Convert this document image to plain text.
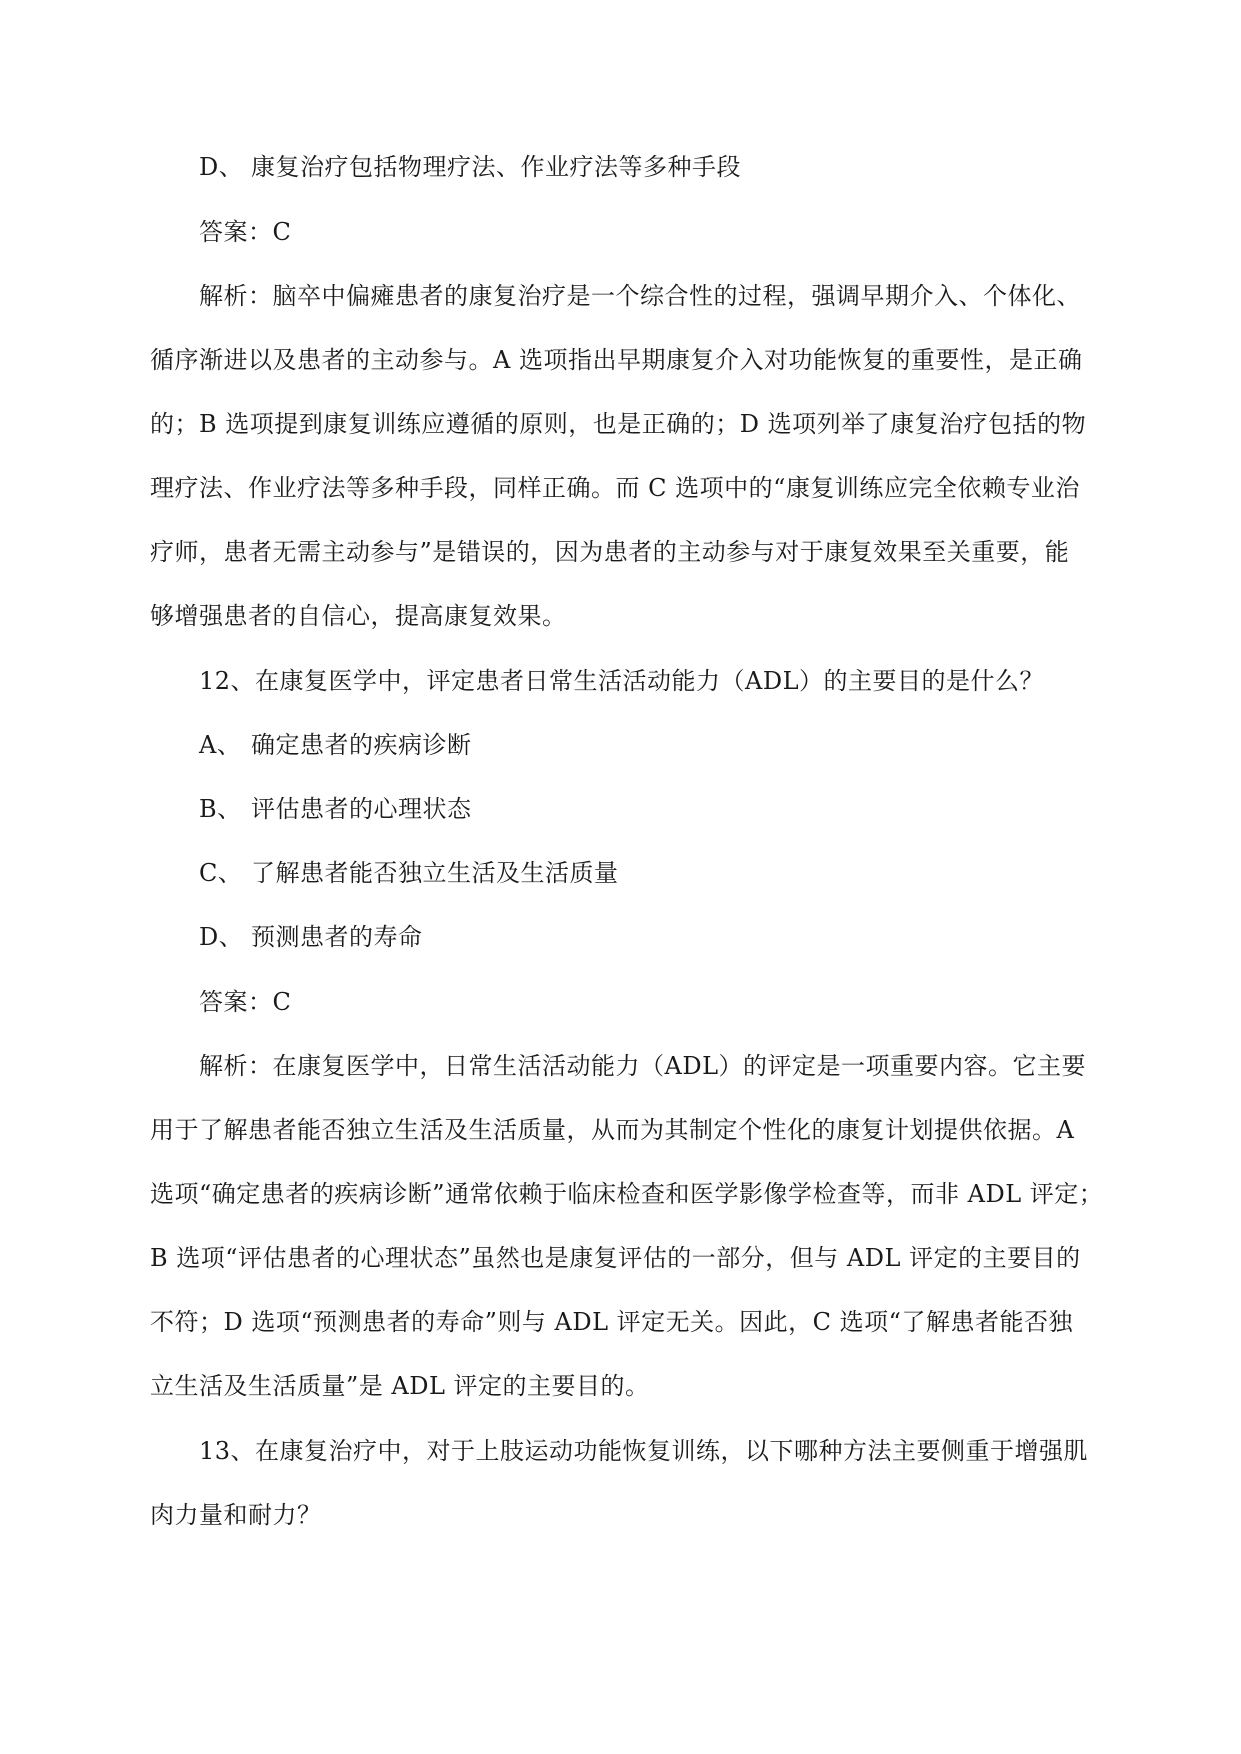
D、 康复治疗包括物理疗法、作业疗法等多种手段
答案：C
解析：脑卒中偏瘫患者的康复治疗是一个综合性的过程，强调早期介入、个体化、
循序渐进以及患者的主动参与。A 选项指出早期康复介入对功能恢复的重要性，是正确
的；B 选项提到康复训练应遵循的原则，也是正确的；D 选项列举了康复治疗包括的物
理疗法、作业疗法等多种手段，同样正确。而 C 选项中的“康复训练应完全依赖专业治
疗师，患者无需主动参与”是错误的，因为患者的主动参与对于康复效果至关重要，能
够增强患者的自信心，提高康复效果。
12、在康复医学中，评定患者日常生活活动能力（ADL）的主要目的是什么？
A、 确定患者的疾病诊断
B、 评估患者的心理状态
C、 了解患者能否独立生活及生活质量
D、 预测患者的寿命
答案：C
解析：在康复医学中，日常生活活动能力（ADL）的评定是一项重要内容。它主要
用于了解患者能否独立生活及生活质量，从而为其制定个性化的康复计划提供依据。A
选项“确定患者的疾病诊断”通常依赖于临床检查和医学影像学检查等，而非 ADL 评定；
B 选项“评估患者的心理状态”虽然也是康复评估的一部分，但与 ADL 评定的主要目的
不符；D 选项“预测患者的寿命”则与 ADL 评定无关。因此，C 选项“了解患者能否独
立生活及生活质量”是 ADL 评定的主要目的。
13、在康复治疗中，对于上肢运动功能恢复训练，以下哪种方法主要侧重于增强肌
肉力量和耐力？
